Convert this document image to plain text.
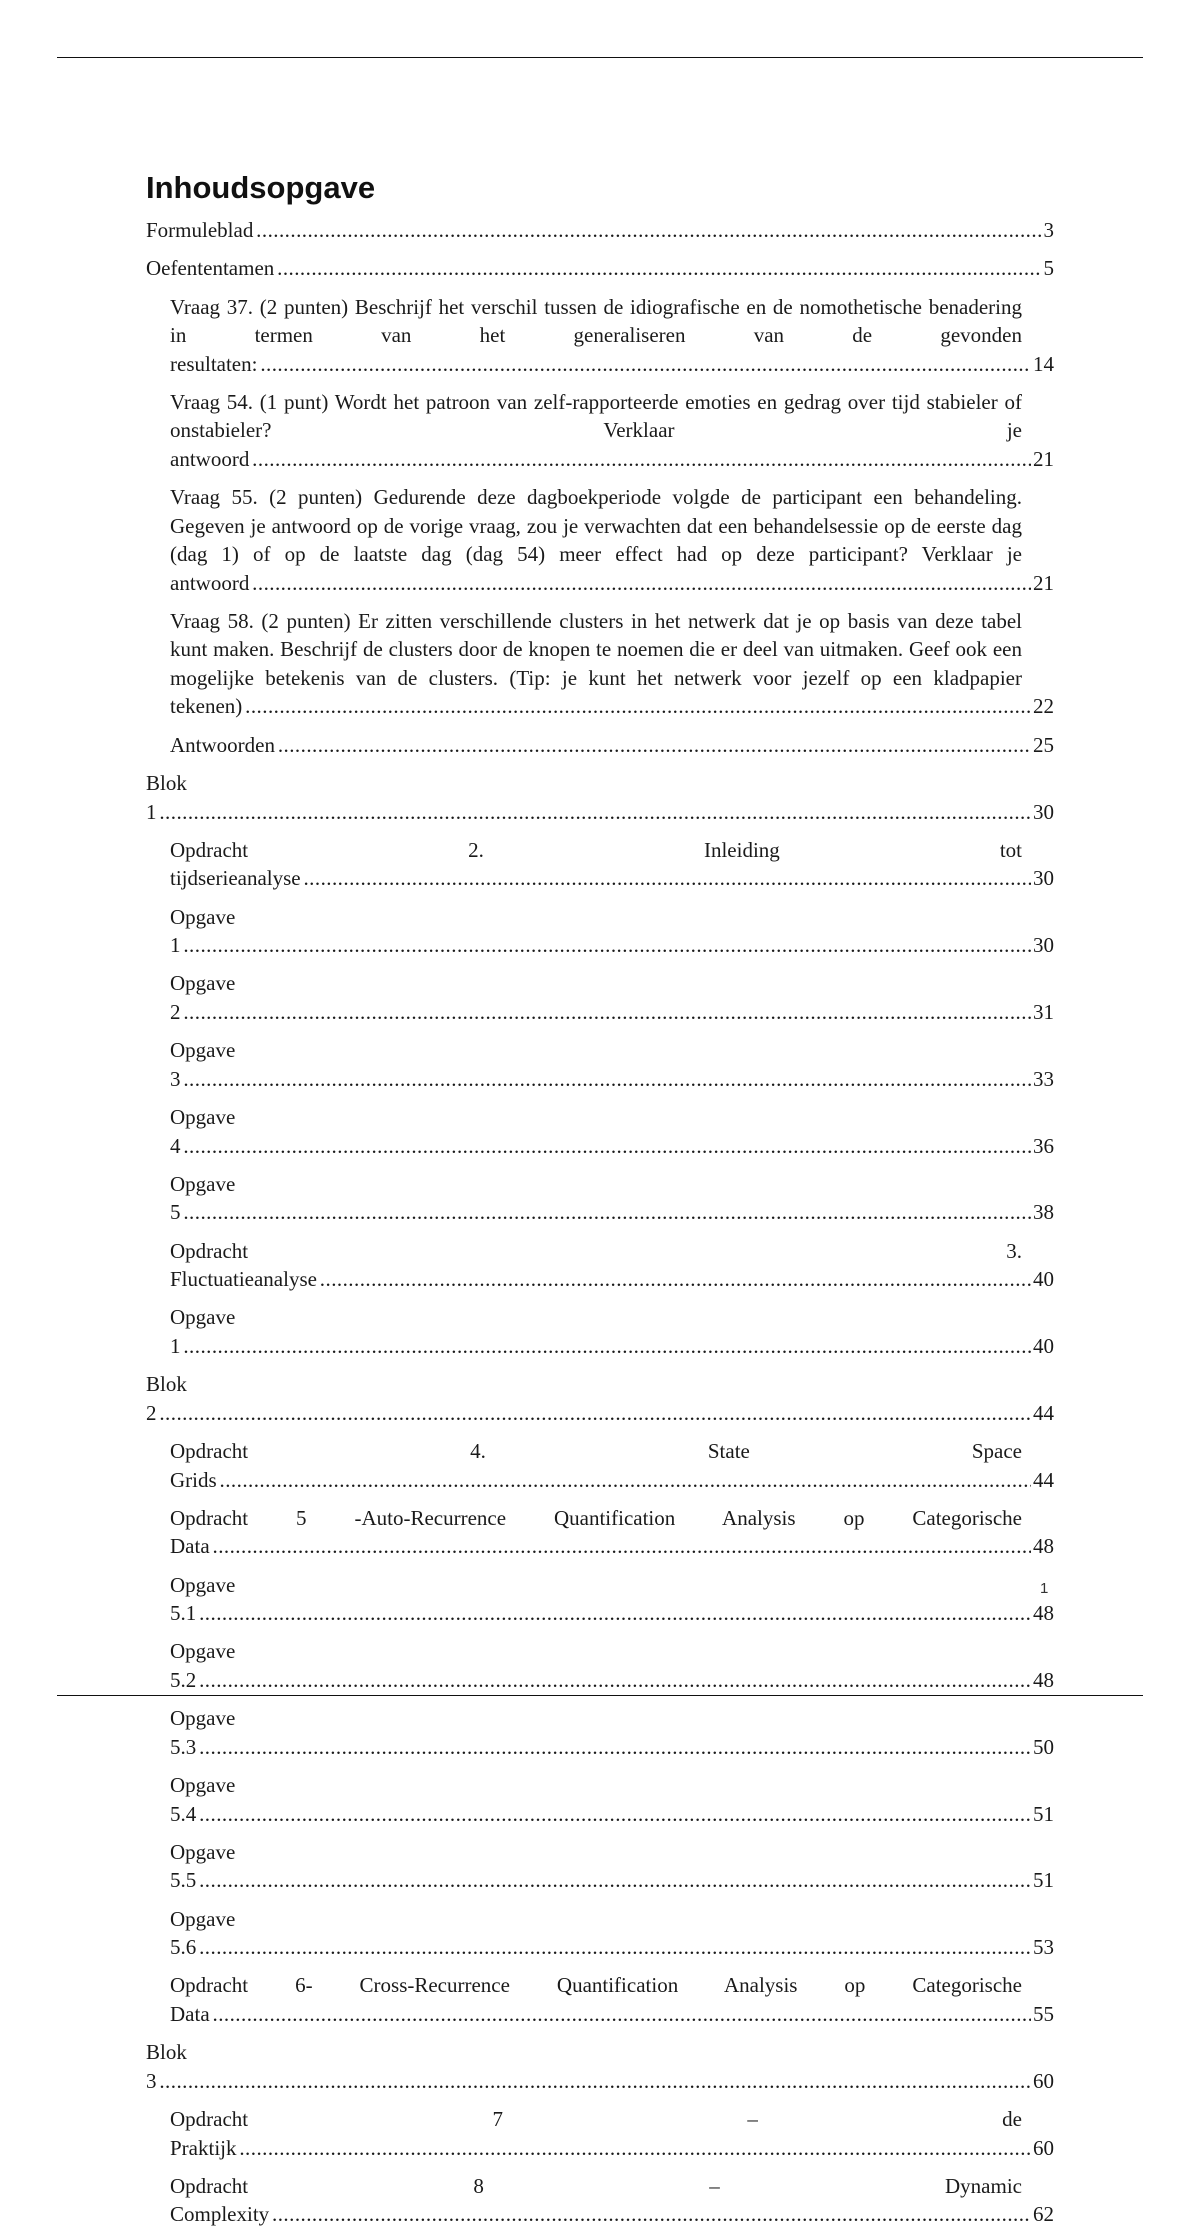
Inhoudsopgave
Formuleblad . . .	3
Oefententamen . . .	5
Vraag 37. (2 punten) Beschrijf het verschil tussen de idiografische en de nomothetische benadering in termen van het generaliseren van de gevonden resultaten: . . .	14
Vraag 54. (1 punt) Wordt het patroon van zelf-rapporteerde emoties en gedrag over tijd stabieler of onstabieler? Verklaar je antwoord . . .	21
Vraag 55. (2 punten) Gedurende deze dagboekperiode volgde de participant een behandeling. Gegeven je antwoord op de vorige vraag, zou je verwachten dat een behandelsessie op de eerste dag (dag 1) of op de laatste dag (dag 54) meer effect had op deze participant? Verklaar je antwoord . . .	21
Vraag 58. (2 punten) Er zitten verschillende clusters in het netwerk dat je op basis van deze tabel kunt maken. Beschrijf de clusters door de knopen te noemen die er deel van uitmaken. Geef ook een mogelijke betekenis van de clusters. (Tip: je kunt het netwerk voor jezelf op een kladpapier tekenen) . . .	22
Antwoorden . . .	25
Blok 1 . . .	30
Opdracht 2. Inleiding tot tijdserieanalyse . . .	30
Opgave 1 . . .	30
Opgave 2 . . .	31
Opgave 3 . . .	33
Opgave 4 . . .	36
Opgave 5 . . .	38
Opdracht 3. Fluctuatieanalyse . . .	40
Opgave 1 . . .	40
Blok 2 . . .	44
Opdracht 4. State Space Grids . . .	44
Opdracht 5 -Auto-Recurrence Quantification Analysis op Categorische Data . . .	48
Opgave 5.1 . . .	48
Opgave 5.2 . . .	48
Opgave 5.3 . . .	50
Opgave 5.4 . . .	51
Opgave 5.5 . . .	51
Opgave 5.6 . . .	53
Opdracht 6- Cross-Recurrence Quantification Analysis op Categorische Data . . .	55
Blok 3 . . .	60
Opdracht 7 – de Praktijk . . .	60
Opdracht 8 – Dynamic Complexity . . .	62
1
